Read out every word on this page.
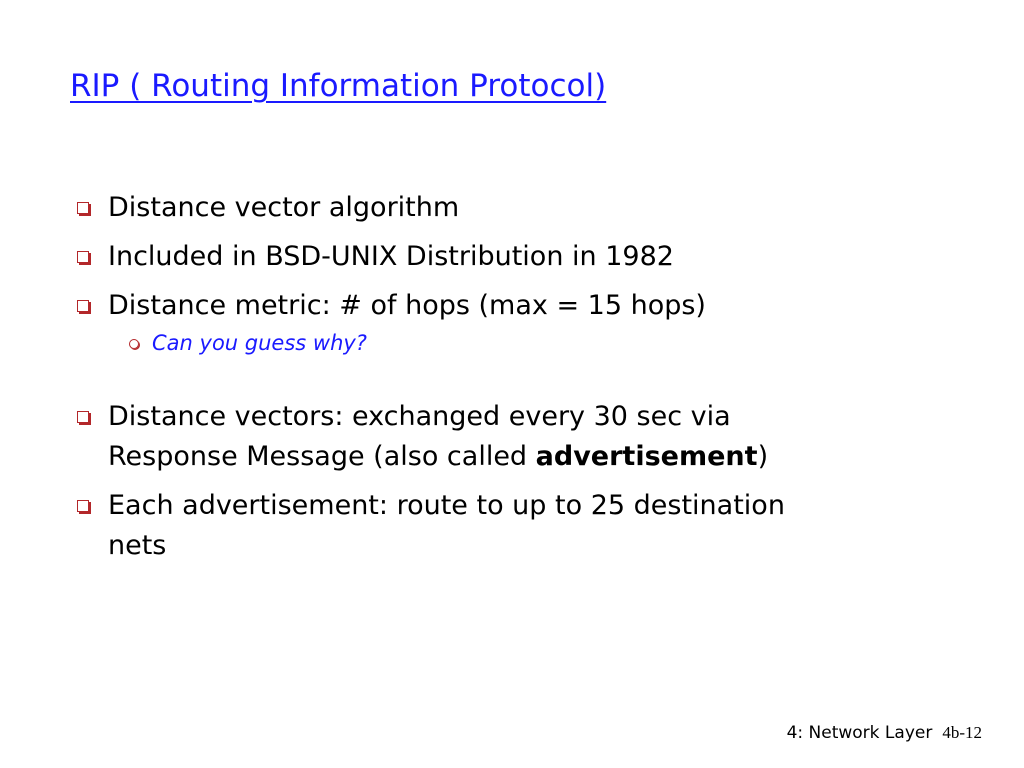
RIP ( Routing Information Protocol)
Distance vector algorithm
Included in BSD-UNIX Distribution in 1982
Distance metric: # of hops (max = 15 hops)
Can you guess why?
Distance vectors: exchanged every 30 sec via
Response Message (also called advertisement)
Each advertisement: route to up to 25 destination
nets
4: Network Layer 4b-12
